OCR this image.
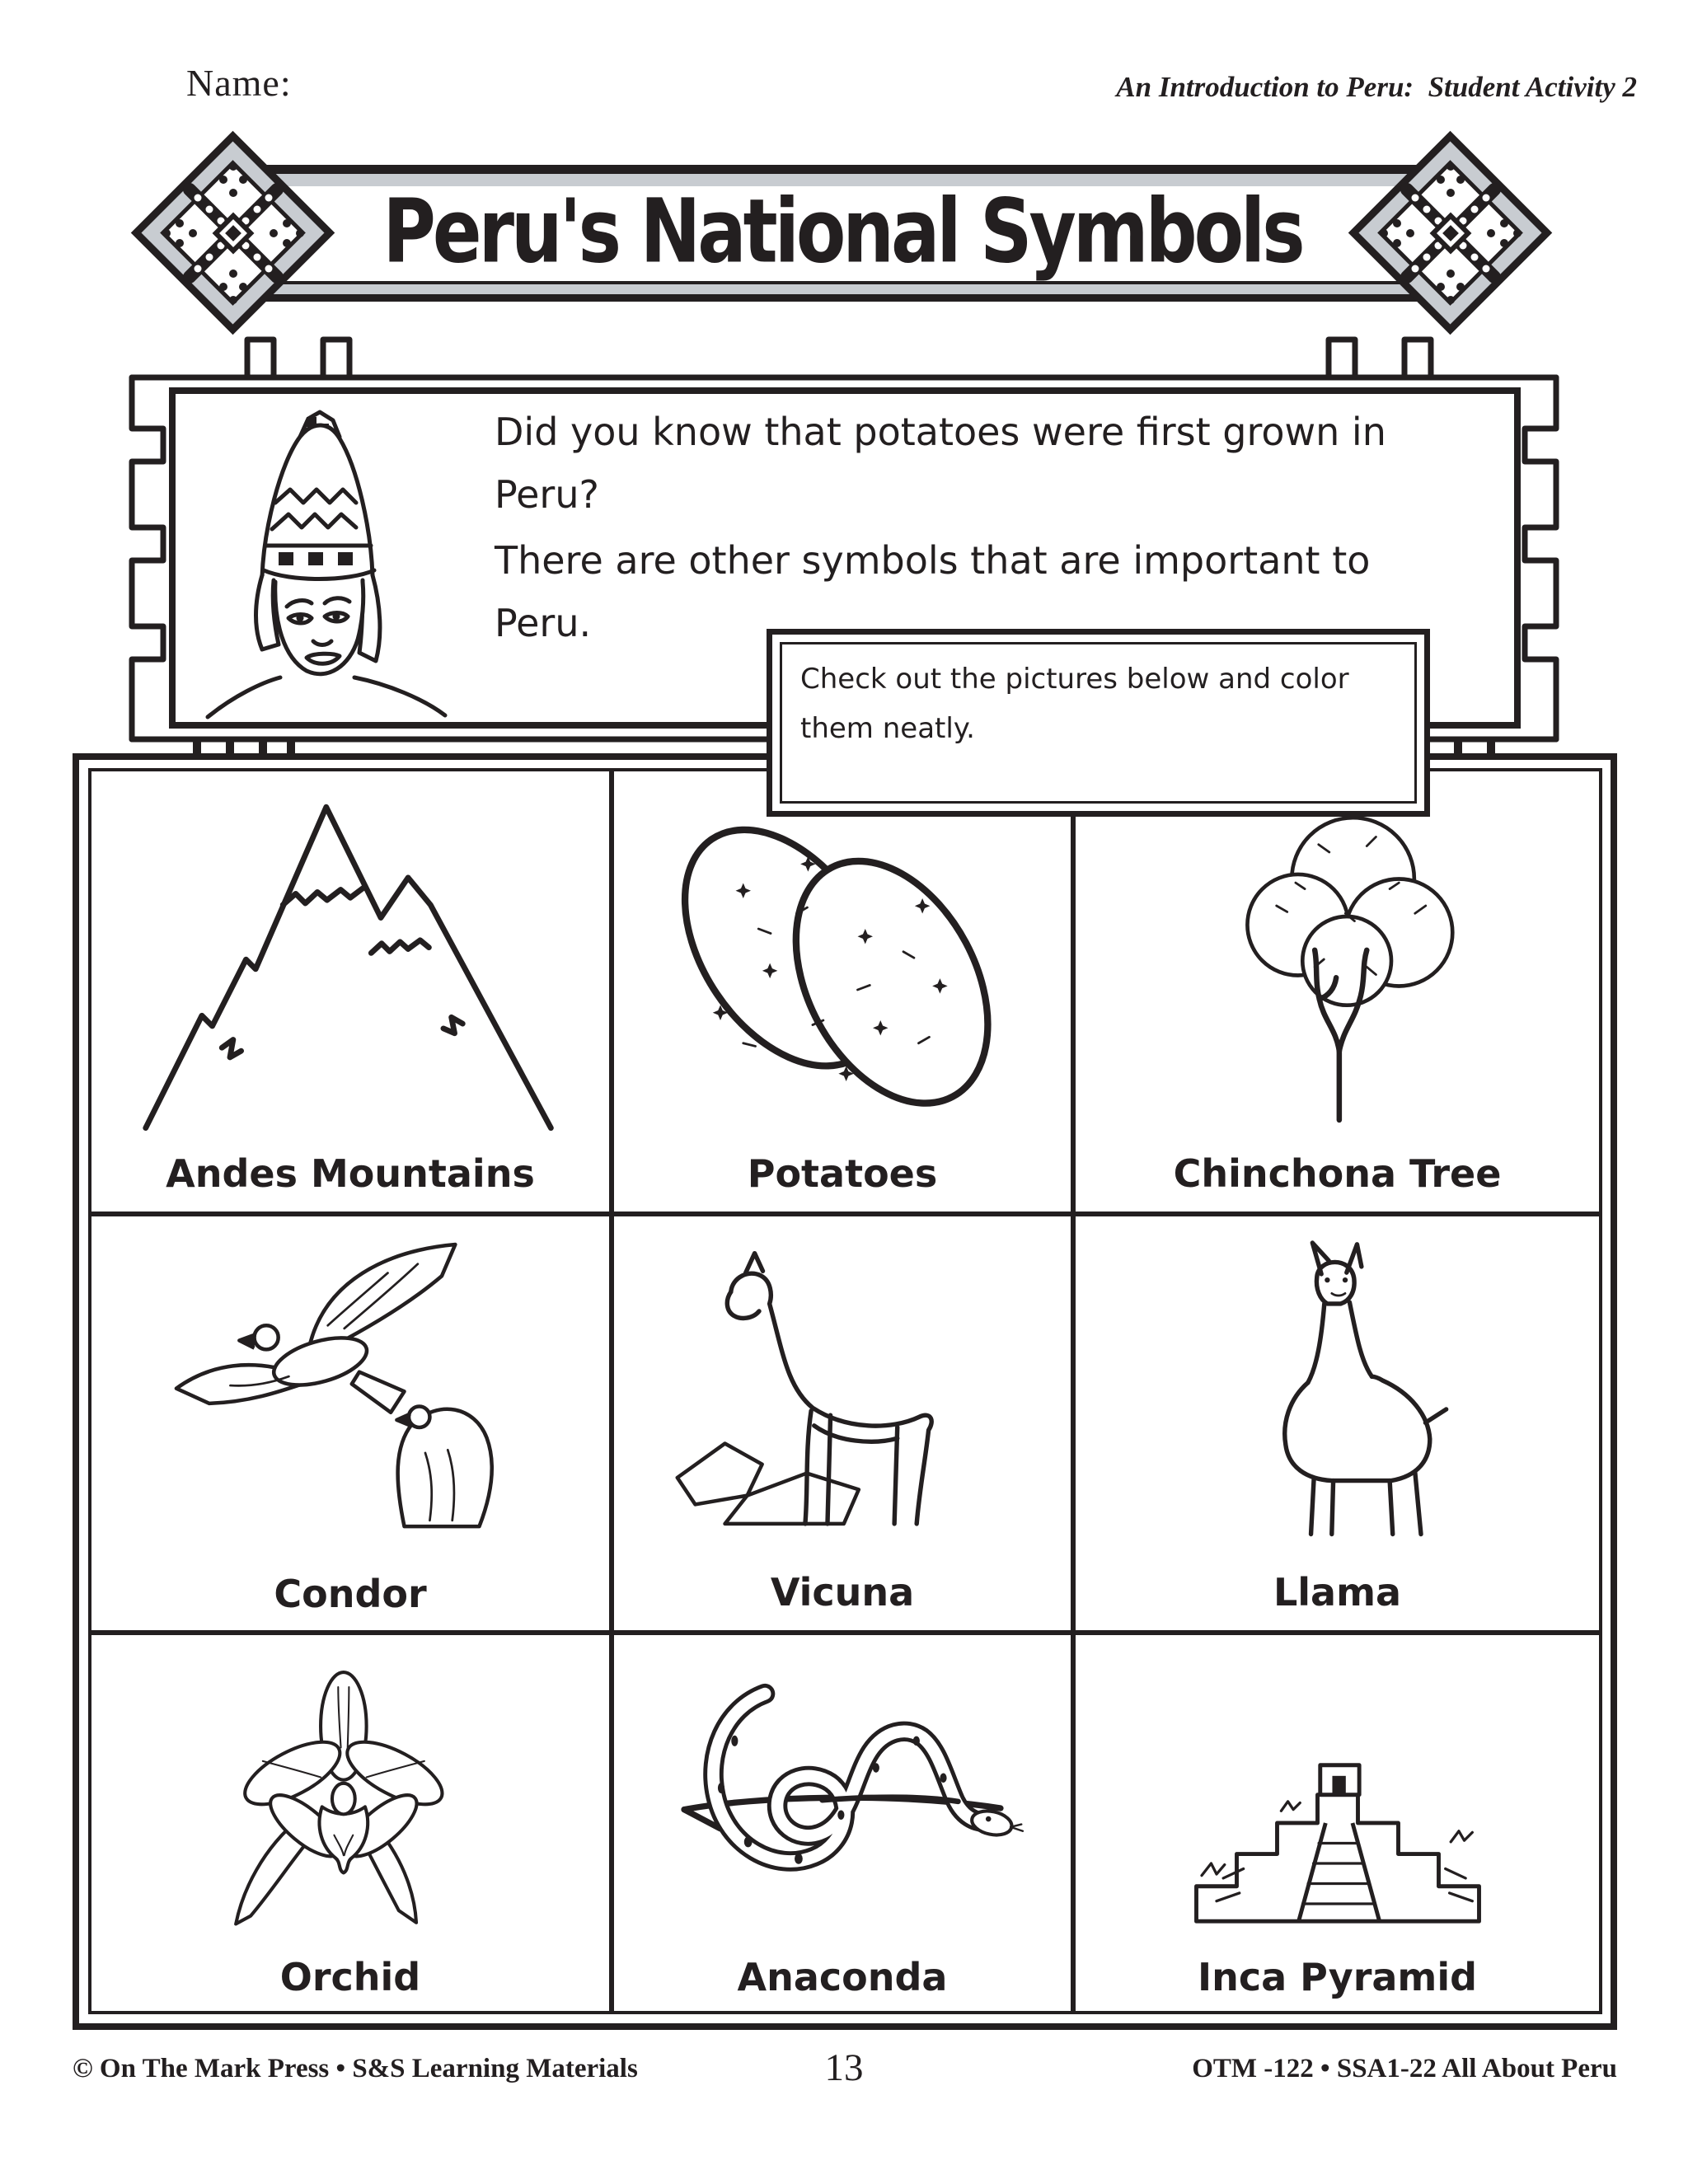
Name:	An Introduction to Peru:  Student Activity 2
Peru's National Symbols
Did you know that potatoes were first grown in
Peru?
There are other symbols that are important to
Peru.
Check out the pictures below and color
them neatly.
Andes Mountains	Potatoes	Chinchona Tree
Condor	Vicuna	Llama
Orchid	Anaconda	Inca Pyramid
© On The Mark Press • S&S Learning Materials	13	OTM -122 • SSA1-22 All About Peru
